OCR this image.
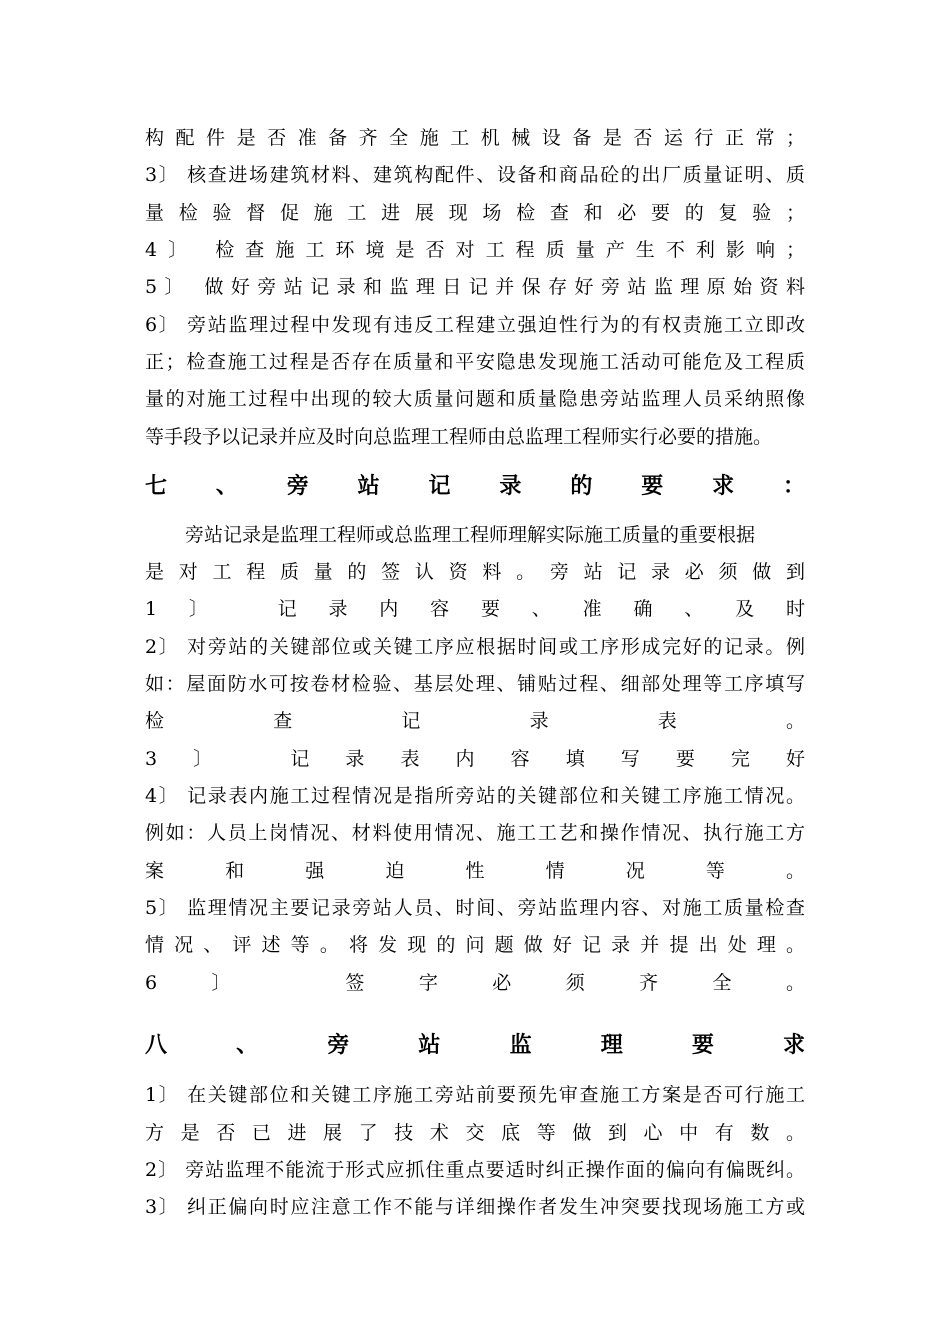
构配件是否准备齐全施工机械设备是否运行正常；
3〕 核查进场建筑材料、建筑构配件、设备和商品砼的出厂质量证明、质
量检验督促施工进展现场检查和必要的复验；
4〕 检查施工环境是否对工程质量产生不利影响；
5〕 做好旁站记录和监理日记并保存好旁站监理原始资料
6〕 旁站监理过程中发现有违反工程建立强迫性行为的有权责施工立即改
正；检查施工过程是否存在质量和平安隐患发现施工活动可能危及工程质
量的对施工过程中出现的较大质量问题和质量隐患旁站监理人员采纳照像
等手段予以记录并应及时向总监理工程师由总监理工程师实行必要的措施。
七、旁站记录的要求：
旁站记录是监理工程师或总监理工程师理解实际施工质量的重要根据
是对工程质量的签认资料。旁站记录必须做到
1〕 记录内容要、准确、及时
2〕 对旁站的关键部位或关键工序应根据时间或工序形成完好的记录。例
如：屋面防水可按卷材检验、基层处理、铺贴过程、细部处理等工序填写
检查记录表。
3〕 记录表内容填写要完好
4〕 记录表内施工过程情况是指所旁站的关键部位和关键工序施工情况。
例如：人员上岗情况、材料使用情况、施工工艺和操作情况、执行施工方
案和强迫性情况等。
5〕 监理情况主要记录旁站人员、时间、旁站监理内容、对施工质量检查
情况、评述等。将发现的问题做好记录并提出处理。
6〕 签字必须齐全。
八、旁站监理要求
1〕 在关键部位和关键工序施工旁站前要预先审查施工方案是否可行施工
方是否已进展了技术交底等做到心中有数。
2〕 旁站监理不能流于形式应抓住重点要适时纠正操作面的偏向有偏既纠。
3〕 纠正偏向时应注意工作不能与详细操作者发生冲突要找现场施工方或
